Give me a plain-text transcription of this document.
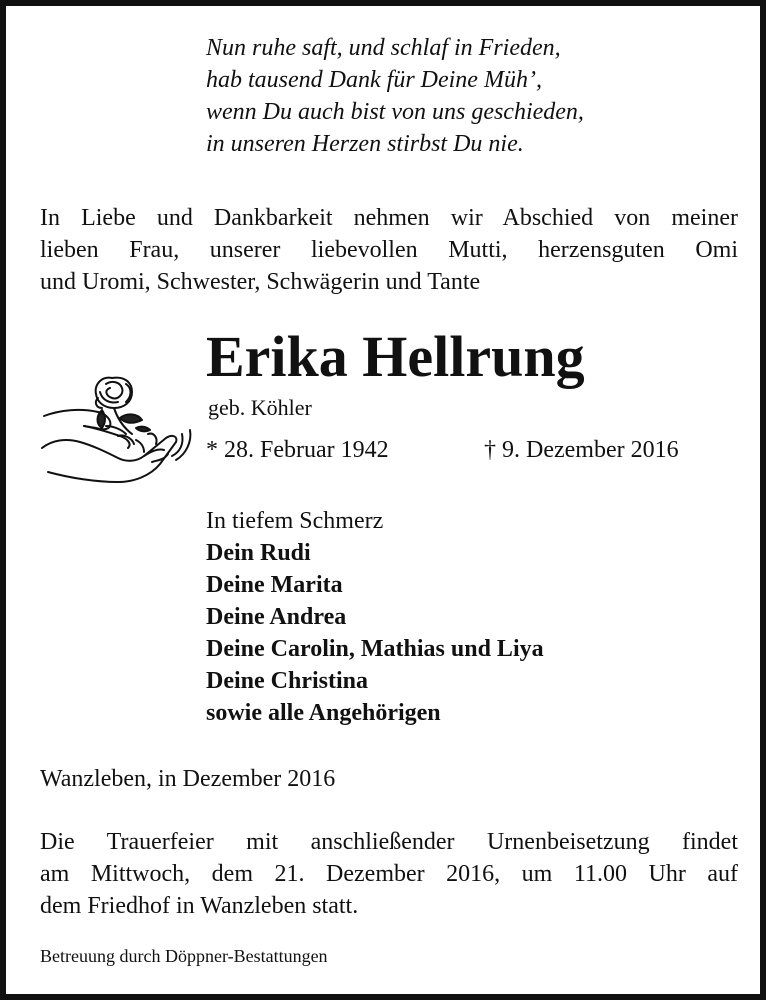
Nun ruhe saft, und schlaf in Frieden,
hab tausend Dank für Deine Müh’,
wenn Du auch bist von uns geschieden,
in unseren Herzen stirbst Du nie.
In Liebe und Dankbarkeit nehmen wir Abschied von meiner
lieben Frau, unserer liebevollen Mutti, herzensguten Omi
und Uromi, Schwester, Schwägerin und Tante
Erika Hellrung
geb. Köhler
* 28. Februar 1942	† 9. Dezember 2016
In tiefem Schmerz
Dein Rudi
Deine Marita
Deine Andrea
Deine Carolin, Mathias und Liya
Deine Christina
sowie alle Angehörigen
Wanzleben, in Dezember 2016
Die Trauerfeier mit anschließender Urnenbeisetzung findet
am Mittwoch, dem 21. Dezember 2016, um 11.00 Uhr auf
dem Friedhof in Wanzleben statt.
Betreuung durch Döppner-Bestattungen
